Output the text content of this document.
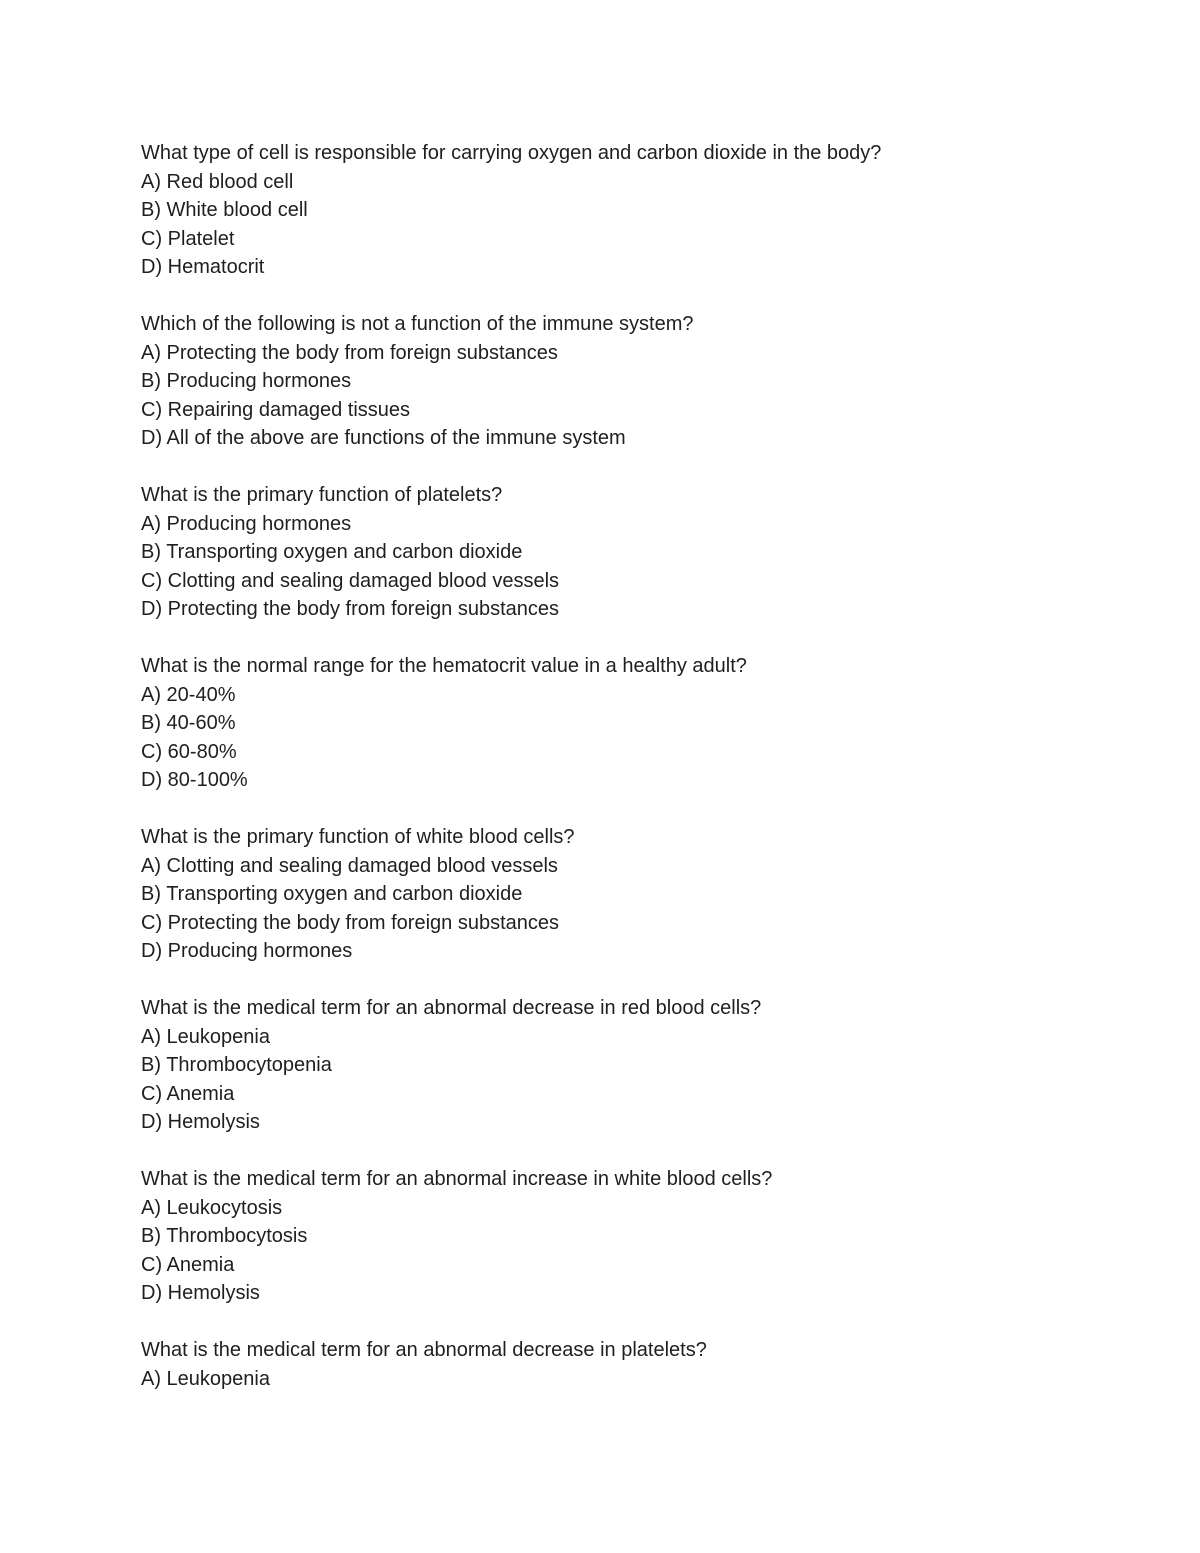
What type of cell is responsible for carrying oxygen and carbon dioxide in the body?
A) Red blood cell
B) White blood cell
C) Platelet
D) Hematocrit
Which of the following is not a function of the immune system?
A) Protecting the body from foreign substances
B) Producing hormones
C) Repairing damaged tissues
D) All of the above are functions of the immune system
What is the primary function of platelets?
A) Producing hormones
B) Transporting oxygen and carbon dioxide
C) Clotting and sealing damaged blood vessels
D) Protecting the body from foreign substances
What is the normal range for the hematocrit value in a healthy adult?
A) 20-40%
B) 40-60%
C) 60-80%
D) 80-100%
What is the primary function of white blood cells?
A) Clotting and sealing damaged blood vessels
B) Transporting oxygen and carbon dioxide
C) Protecting the body from foreign substances
D) Producing hormones
What is the medical term for an abnormal decrease in red blood cells?
A) Leukopenia
B) Thrombocytopenia
C) Anemia
D) Hemolysis
What is the medical term for an abnormal increase in white blood cells?
A) Leukocytosis
B) Thrombocytosis
C) Anemia
D) Hemolysis
What is the medical term for an abnormal decrease in platelets?
A) Leukopenia
